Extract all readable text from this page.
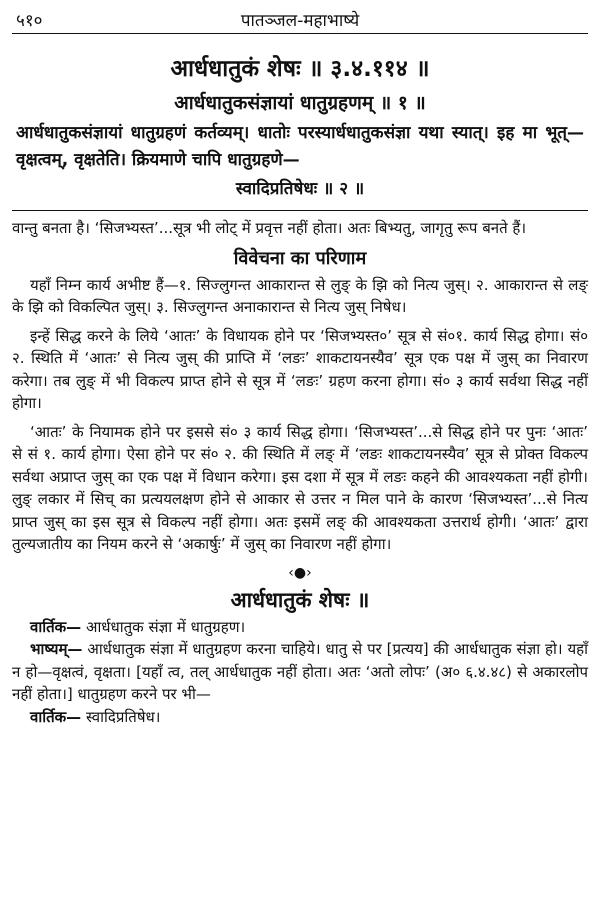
५१०	पातञ्जल-महाभाष्ये
आर्धधातुकं शेषः ॥ ३.४.११४ ॥
आर्धधातुकसंज्ञायां धातुग्रहणम् ॥ १ ॥
आर्धधातुकसंज्ञायां धातुग्रहणं कर्तव्यम्। धातोः परस्यार्धधातुकसंज्ञा यथा स्यात्। इह मा भूत्—वृक्षत्वम्, वृक्षतेति। क्रियमाणे चापि धातुग्रहणे—
स्वादिप्रतिषेधः ॥ २ ॥

वान्तु बनता है। ‘सिजभ्यस्त’...सूत्र भी लोट् में प्रवृत्त नहीं होता। अतः बिभ्यतु, जागृतु रूप बनते हैं।

विवेचना का परिणाम

यहाँ निम्न कार्य अभीष्ट हैं—१. सिज्लुगन्त आकारान्त से लुङ् के झि को नित्य जुस्। २. आकारान्त से लङ् के झि को विकल्पित जुस्। ३. सिज्लुगन्त अनाकारान्त से नित्य जुस् निषेध।

इन्हें सिद्ध करने के लिये ‘आतः’ के विधायक होने पर ‘सिजभ्यस्त०’ सूत्र से सं०१. कार्य सिद्ध होगा। सं० २. स्थिति में ‘आतः’ से नित्य जुस् की प्राप्ति में ‘लङः’ शाकटायनस्यैव’ सूत्र एक पक्ष में जुस् का निवारण करेगा। तब लुङ् में भी विकल्प प्राप्त होने से सूत्र में ‘लङः’ ग्रहण करना होगा। सं० ३ कार्य सर्वथा सिद्ध नहीं होगा।

‘आतः’ के नियामक होने पर इससे सं० ३ कार्य सिद्ध होगा। ‘सिजभ्यस्त’...से सिद्ध होने पर पुनः ‘आतः’ से सं १. कार्य होगा। ऐसा होने पर सं० २. की स्थिति में लङ् में ‘लङः शाकटायनस्यैव’ सूत्र से प्रोक्त विकल्प सर्वथा अप्राप्त जुस् का एक पक्ष में विधान करेगा। इस दशा में सूत्र में लङः कहने की आवश्यकता नहीं होगी। लुङ् लकार में सिच् का प्रत्ययलक्षण होने से आकार से उत्तर न मिल पाने के कारण ‘सिजभ्यस्त’...से नित्य प्राप्त जुस् का इस सूत्र से विकल्प नहीं होगा। अतः इसमें लङ् की आवश्यकता उत्तरार्थ होगी। ‘आतः’ द्वारा तुल्यजातीय का नियम करने से ‘अकार्षुः’ में जुस् का निवारण नहीं होगा।

‹●›
आर्धधातुकं शेषः ॥

वार्तिक— आर्धधातुक संज्ञा में धातुग्रहण।

भाष्यम्— आर्धधातुक संज्ञा में धातुग्रहण करना चाहिये। धातु से पर [प्रत्यय] की आर्धधातुक संज्ञा हो। यहाँ न हो—वृक्षत्वं, वृक्षता। [यहाँ त्व, तल् आर्धधातुक नहीं होता। अतः ‘अतो लोपः’ (अ० ६.४.४८) से अकारलोप नहीं होता।] धातुग्रहण करने पर भी—

वार्तिक— स्वादिप्रतिषेध।
